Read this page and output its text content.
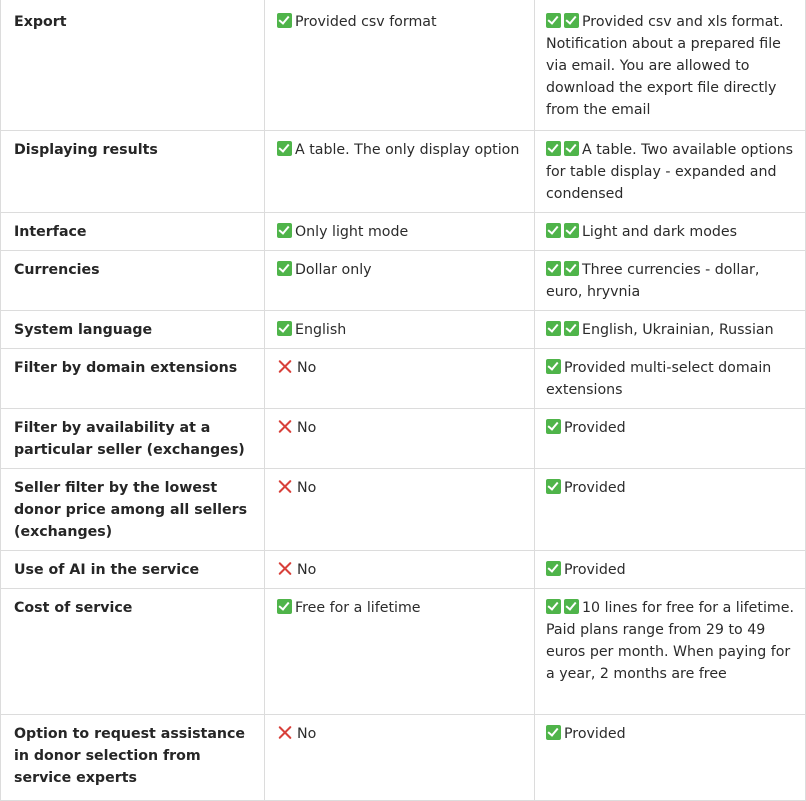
Export	Provided csv format	Provided csv and xls format. Notification about a prepared file via email. You are allowed to download the export file directly from the email
Displaying results	A table. The only display option	A table. Two available options for table display - expanded and condensed
Interface	Only light mode	Light and dark modes
Currencies	Dollar only	Three currencies - dollar, euro, hryvnia
System language	English	English, Ukrainian, Russian
Filter by domain extensions	No	Provided multi-select domain extensions
Filter by availability at a particular seller (exchanges)	No	Provided
Seller filter by the lowest donor price among all sellers (exchanges)	No	Provided
Use of AI in the service	No	Provided
Cost of service	Free for a lifetime	10 lines for free for a lifetime. Paid plans range from 29 to 49 euros per month. When paying for a year, 2 months are free
Option to request assistance in donor selection from service experts	No	Provided
